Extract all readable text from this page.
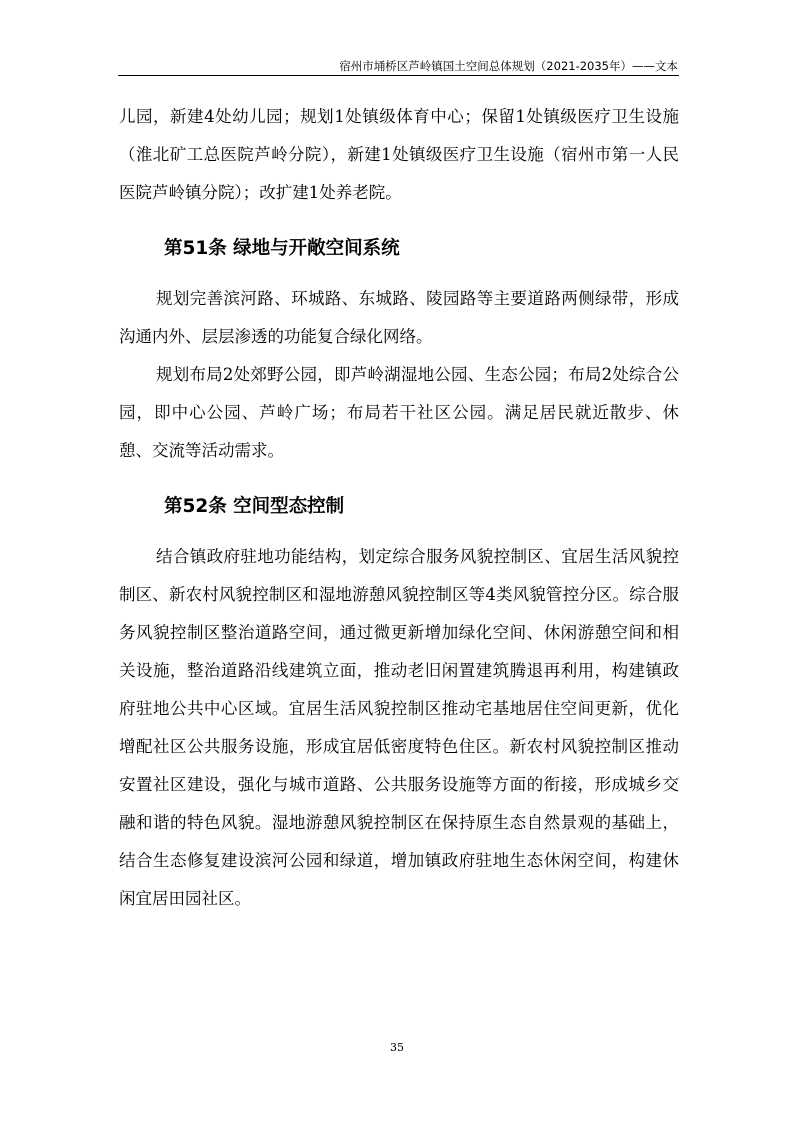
宿州市埇桥区芦岭镇国土空间总体规划（2021-2035年）——文本

儿园，新建4处幼儿园；规划1处镇级体育中心；保留1处镇级医疗卫生设施（淮北矿工总医院芦岭分院），新建1处镇级医疗卫生设施（宿州市第一人民医院芦岭镇分院）；改扩建1处养老院。

第51条 绿地与开敞空间系统

规划完善滨河路、环城路、东城路、陵园路等主要道路两侧绿带，形成沟通内外、层层渗透的功能复合绿化网络。

规划布局2处郊野公园，即芦岭湖湿地公园、生态公园；布局2处综合公园，即中心公园、芦岭广场；布局若干社区公园。满足居民就近散步、休憩、交流等活动需求。

第52条 空间型态控制

结合镇政府驻地功能结构，划定综合服务风貌控制区、宜居生活风貌控制区、新农村风貌控制区和湿地游憩风貌控制区等4类风貌管控分区。综合服务风貌控制区整治道路空间，通过微更新增加绿化空间、休闲游憩空间和相关设施，整治道路沿线建筑立面，推动老旧闲置建筑腾退再利用，构建镇政府驻地公共中心区域。宜居生活风貌控制区推动宅基地居住空间更新，优化增配社区公共服务设施，形成宜居低密度特色住区。新农村风貌控制区推动安置社区建设，强化与城市道路、公共服务设施等方面的衔接，形成城乡交融和谐的特色风貌。湿地游憩风貌控制区在保持原生态自然景观的基础上，结合生态修复建设滨河公园和绿道，增加镇政府驻地生态休闲空间，构建休闲宜居田园社区。

35
